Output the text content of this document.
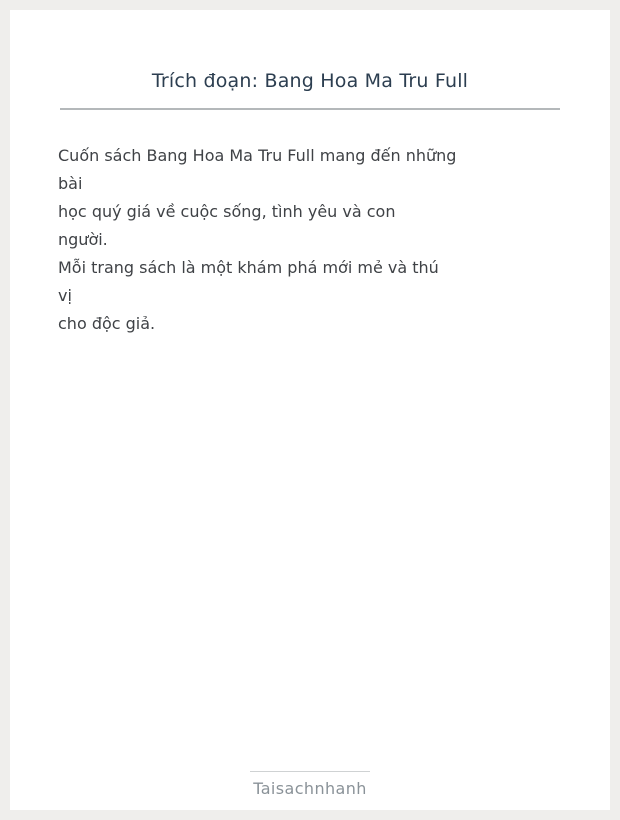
Trích đoạn: Bang Hoa Ma Tru Full
Cuốn sách Bang Hoa Ma Tru Full mang đến những
bài
học quý giá về cuộc sống, tình yêu và con
người.
Mỗi trang sách là một khám phá mới mẻ và thú
vị
cho độc giả.
Taisachnhanh
